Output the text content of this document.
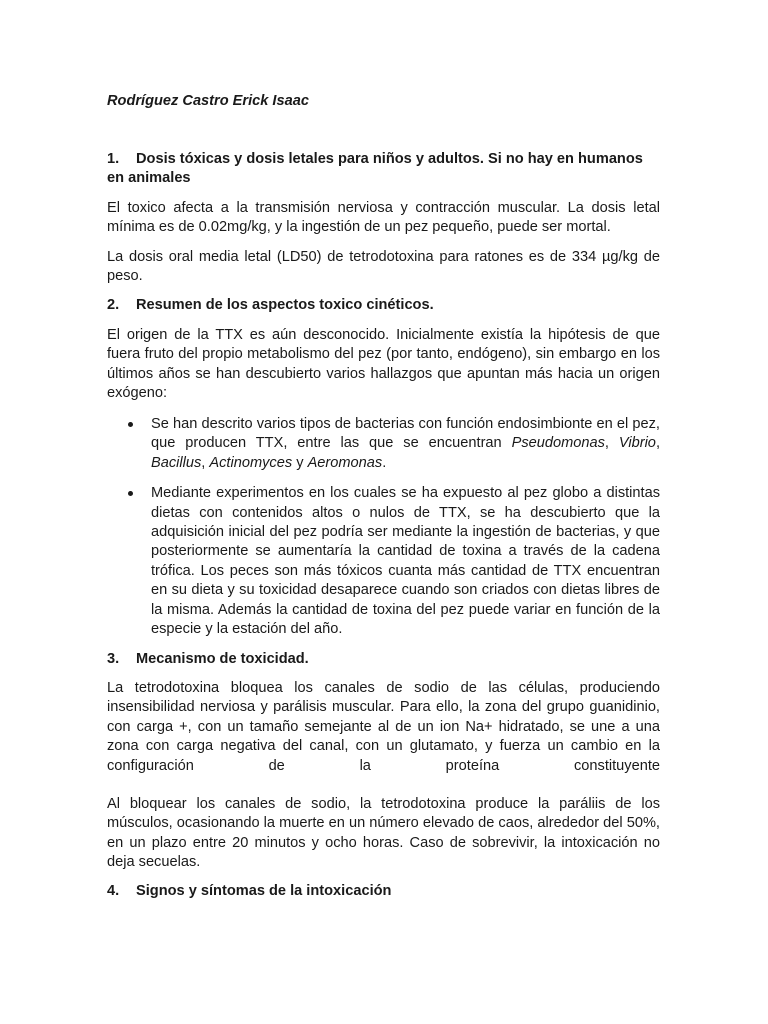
Rodríguez Castro Erick Isaac
1. Dosis tóxicas y dosis letales para niños y adultos. Si no hay en humanos en animales

El toxico afecta a la transmisión nerviosa y contracción muscular. La dosis letal mínima es de 0.02mg/kg, y la ingestión de un pez pequeño, puede ser mortal.

La dosis oral media letal (LD50) de tetrodotoxina para ratones es de 334 µg/kg de peso.

2. Resumen de los aspectos toxico cinéticos.

El origen de la TTX es aún desconocido. Inicialmente existía la hipótesis de que fuera fruto del propio metabolismo del pez (por tanto, endógeno), sin embargo en los últimos años se han descubierto varios hallazgos que apuntan más hacia un origen exógeno:

Se han descrito varios tipos de bacterias con función endosimbionte en el pez, que producen TTX, entre las que se encuentran Pseudomonas, Vibrio, Bacillus, Actinomyces y Aeromonas.
Mediante experimentos en los cuales se ha expuesto al pez globo a distintas dietas con contenidos altos o nulos de TTX, se ha descubierto que la adquisición inicial del pez podría ser mediante la ingestión de bacterias, y que posteriormente se aumentaría la cantidad de toxina a través de la cadena trófica. Los peces son más tóxicos cuanta más cantidad de TTX encuentran en su dieta y su toxicidad desaparece cuando son criados con dietas libres de la misma. Además la cantidad de toxina del pez puede variar en función de la especie y la estación del año.
3. Mecanismo de toxicidad.

La tetrodotoxina bloquea los canales de sodio de las células, produciendo insensibilidad nerviosa y parálisis muscular. Para ello, la zona del grupo guanidinio, con carga +, con un tamaño semejante al de un ion Na+ hidratado, se une a una zona con carga negativa del canal, con un glutamato, y fuerza un cambio en la configuración de la proteína constituyente

Al bloquear los canales de sodio, la tetrodotoxina produce la paráliis de los músculos, ocasionando la muerte en un número elevado de caos, alrededor del 50%, en un plazo entre 20 minutos y ocho horas. Caso de sobrevivir, la intoxicación no deja secuelas.

4. Signos y síntomas de la intoxicación
